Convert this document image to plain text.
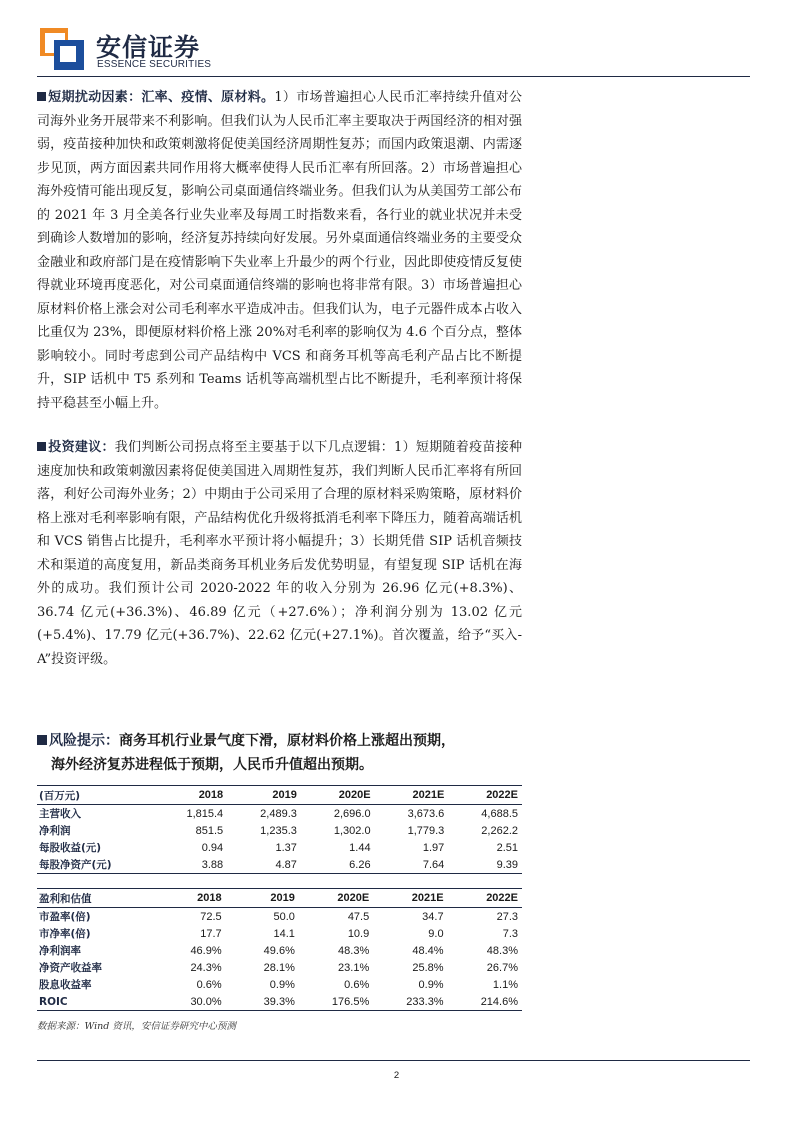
安信证券
ESSENCE SECURITIES
短期扰动因素：汇率、疫情、原材料。1）市场普遍担心人民币汇率持续升值对公司海外业务开展带来不利影响。但我们认为人民币汇率主要取决于两国经济的相对强弱，疫苗接种加快和政策刺激将促使美国经济周期性复苏；而国内政策退潮、内需逐步见顶，两方面因素共同作用将大概率使得人民币汇率有所回落。2）市场普遍担心海外疫情可能出现反复，影响公司桌面通信终端业务。但我们认为从美国劳工部公布的 2021 年 3 月全美各行业失业率及每周工时指数来看，各行业的就业状况并未受到确诊人数增加的影响，经济复苏持续向好发展。另外桌面通信终端业务的主要受众金融业和政府部门是在疫情影响下失业率上升最少的两个行业，因此即使疫情反复使得就业环境再度恶化，对公司桌面通信终端的影响也将非常有限。3）市场普遍担心原材料价格上涨会对公司毛利率水平造成冲击。但我们认为，电子元器件成本占收入比重仅为 23%，即便原材料价格上涨 20%对毛利率的影响仅为 4.6 个百分点，整体影响较小。同时考虑到公司产品结构中 VCS 和商务耳机等高毛利产品占比不断提升，SIP 话机中 T5 系列和 Teams 话机等高端机型占比不断提升，毛利率预计将保持平稳甚至小幅上升。
投资建议：我们判断公司拐点将至主要基于以下几点逻辑：1）短期随着疫苗接种速度加快和政策刺激因素将促使美国进入周期性复苏，我们判断人民币汇率将有所回落，利好公司海外业务；2）中期由于公司采用了合理的原材料采购策略，原材料价格上涨对毛利率影响有限，产品结构优化升级将抵消毛利率下降压力，随着高端话机和 VCS 销售占比提升，毛利率水平预计将小幅提升；3）长期凭借 SIP 话机音频技术和渠道的高度复用，新品类商务耳机业务后发优势明显，有望复现 SIP 话机在海外的成功。我们预计公司 2020-2022 年的收入分别为 26.96 亿元(+8.3%)、36.74 亿元(+36.3%)、46.89 亿元（+27.6%）；净利润分别为 13.02 亿元(+5.4%)、17.79 亿元(+36.7%)、22.62 亿元(+27.1%)。首次覆盖，给予“买入-A”投资评级。
风险提示：商务耳机行业景气度下滑，原材料价格上涨超出预期，
海外经济复苏进程低于预期，人民币升值超出预期。
(百万元)	2018	2019	2020E	2021E	2022E
主营收入	1,815.4	2,489.3	2,696.0	3,673.6	4,688.5
净利润	851.5	1,235.3	1,302.0	1,779.3	2,262.2
每股收益(元)	0.94	1.37	1.44	1.97	2.51
每股净资产(元)	3.88	4.87	6.26	7.64	9.39
盈利和估值	2018	2019	2020E	2021E	2022E
市盈率(倍)	72.5	50.0	47.5	34.7	27.3
市净率(倍)	17.7	14.1	10.9	9.0	7.3
净利润率	46.9%	49.6%	48.3%	48.4%	48.3%
净资产收益率	24.3%	28.1%	23.1%	25.8%	26.7%
股息收益率	0.6%	0.9%	0.6%	0.9%	1.1%
ROIC	30.0%	39.3%	176.5%	233.3%	214.6%
数据来源：Wind 资讯，安信证券研究中心预测
2
